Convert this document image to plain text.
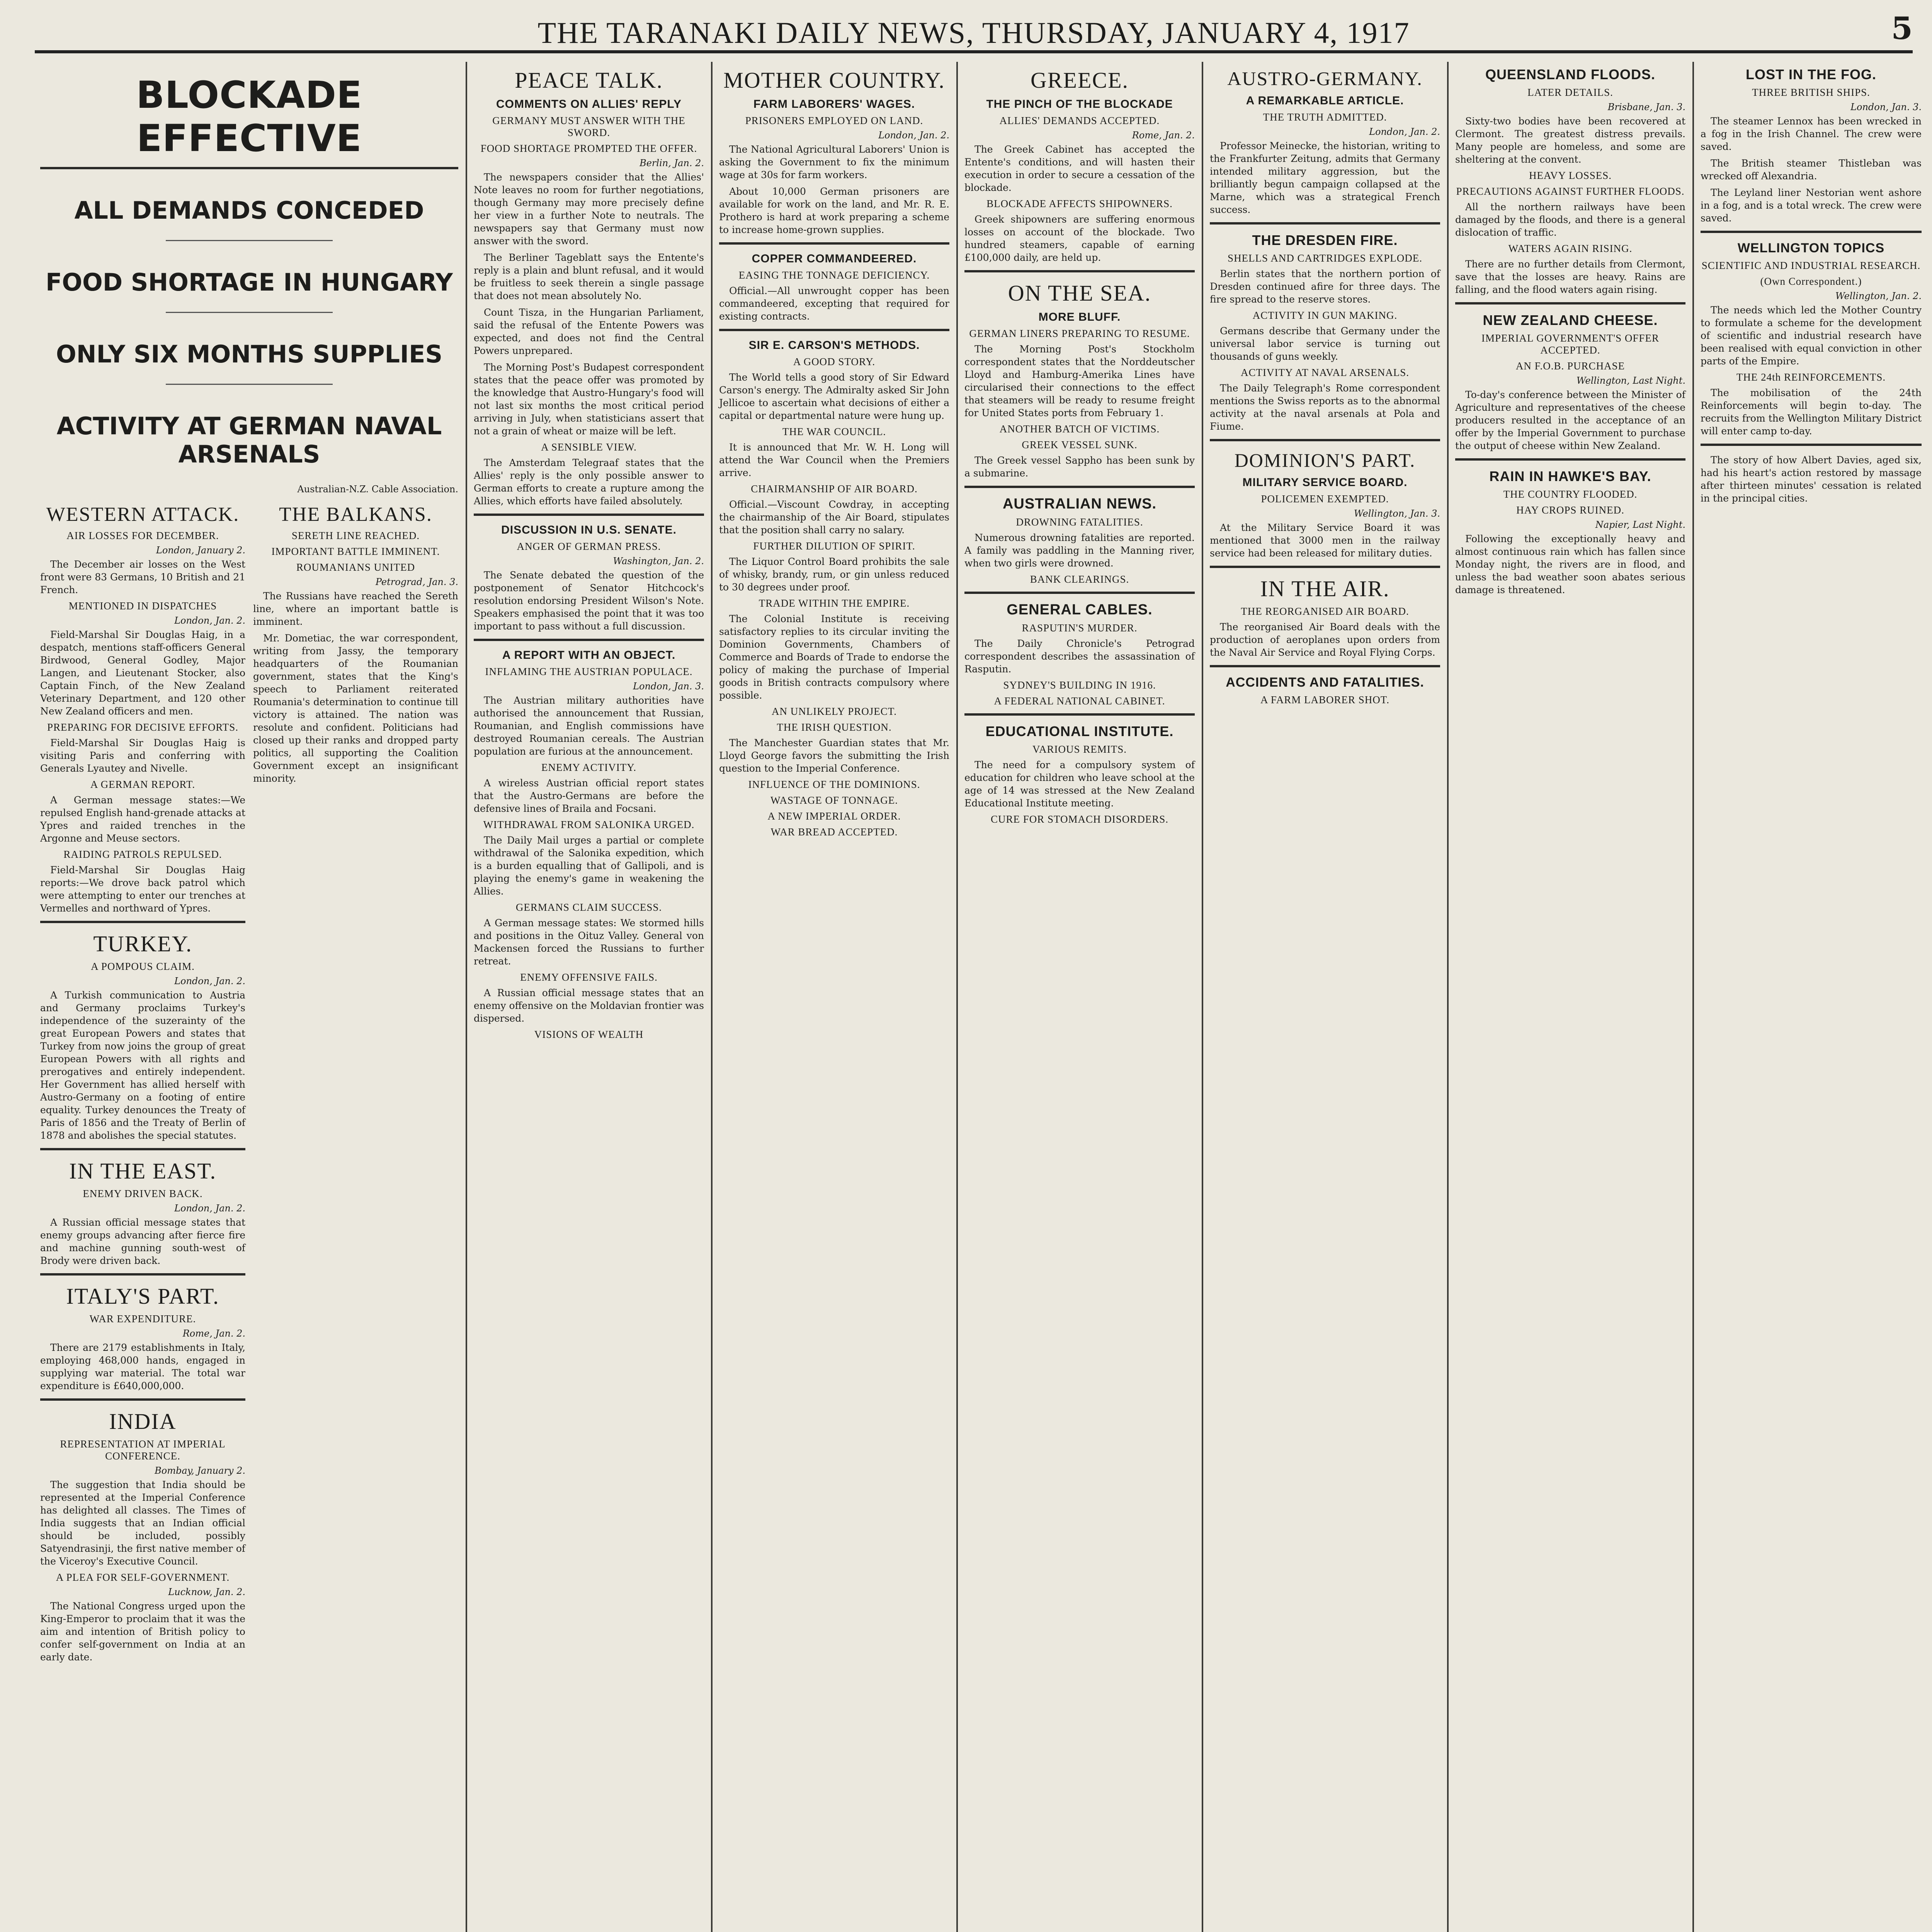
THE TARANAKI DAILY NEWS, THURSDAY, JANUARY 4, 1917	5
BLOCKADE EFFECTIVE
ALL DEMANDS CONCEDED
FOOD SHORTAGE IN HUNGARY
ONLY SIX MONTHS SUPPLIES
ACTIVITY AT GERMAN NAVAL ARSENALS
Australian-N.Z. Cable Association.
WESTERN ATTACK.
AIR LOSSES FOR DECEMBER.
London, January 2.

The December air losses on the West front were 83 Germans, 10 British and 21 French.

MENTIONED IN DISPATCHES
London, Jan. 2.

Field-Marshal Sir Douglas Haig, in a despatch, mentions staff-officers General Birdwood, General Godley, Major Langen, and Lieutenant Stocker, also Captain Finch, of the New Zealand Veterinary Department, and 120 other New Zealand officers and men.

PREPARING FOR DECISIVE EFFORTS.

Field-Marshal Sir Douglas Haig is visiting Paris and conferring with Generals Lyautey and Nivelle.

A GERMAN REPORT.

A German message states:—We repulsed English hand-grenade attacks at Ypres and raided trenches in the Argonne and Meuse sectors.

RAIDING PATROLS REPULSED.

Field-Marshal Sir Douglas Haig reports:—We drove back patrol which were attempting to enter our trenches at Vermelles and northward of Ypres.

TURKEY.
A POMPOUS CLAIM.
London, Jan. 2.

A Turkish communication to Austria and Germany proclaims Turkey's independence of the suzerainty of the great European Powers and states that Turkey from now joins the group of great European Powers with all rights and prerogatives and entirely independent. Her Government has allied herself with Austro-Germany on a footing of entire equality. Turkey denounces the Treaty of Paris of 1856 and the Treaty of Berlin of 1878 and abolishes the special statutes.

IN THE EAST.
ENEMY DRIVEN BACK.
London, Jan. 2.

A Russian official message states that enemy groups advancing after fierce fire and machine gunning south-west of Brody were driven back.

ITALY'S PART.
WAR EXPENDITURE.
Rome, Jan. 2.

There are 2179 establishments in Italy, employing 468,000 hands, engaged in supplying war material. The total war expenditure is £640,000,000.

INDIA
REPRESENTATION AT IMPERIAL CONFERENCE.
Bombay, January 2.

The suggestion that India should be represented at the Imperial Conference has delighted all classes. The Times of India suggests that an Indian official should be included, possibly Satyendrasinji, the first native member of the Viceroy's Executive Council.

A PLEA FOR SELF-GOVERNMENT.
Lucknow, Jan. 2.

The National Congress urged upon the King-Emperor to proclaim that it was the aim and intention of British policy to confer self-government on India at an early date.

THE BALKANS.
SERETH LINE REACHED.
IMPORTANT BATTLE IMMINENT.
ROUMANIANS UNITED
Petrograd, Jan. 3.

The Russians have reached the Sereth line, where an important battle is imminent.

Mr. Dometiac, the war correspondent, writing from Jassy, the temporary headquarters of the Roumanian government, states that the King's speech to Parliament reiterated Roumania's determination to continue till victory is attained. The nation was resolute and confident. Politicians had closed up their ranks and dropped party politics, all supporting the Coalition Government except an insignificant minority.

PEACE TALK.
COMMENTS ON ALLIES' REPLY
GERMANY MUST ANSWER WITH THE SWORD.
FOOD SHORTAGE PROMPTED THE OFFER.
Berlin, Jan. 2.

The newspapers consider that the Allies' Note leaves no room for further negotiations, though Germany may more precisely define her view in a further Note to neutrals. The newspapers say that Germany must now answer with the sword.

The Berliner Tageblatt says the Entente's reply is a plain and blunt refusal, and it would be fruitless to seek therein a single passage that does not mean absolutely No.

Count Tisza, in the Hungarian Parliament, said the refusal of the Entente Powers was expected, and does not find the Central Powers unprepared.

The Morning Post's Budapest correspondent states that the peace offer was promoted by the knowledge that Austro-Hungary's food will not last six months the most critical period arriving in July, when statisticians assert that not a grain of wheat or maize will be left.

A SENSIBLE VIEW.

The Amsterdam Telegraaf states that the Allies' reply is the only possible answer to German efforts to create a rupture among the Allies, which efforts have failed absolutely.

DISCUSSION IN U.S. SENATE.
ANGER OF GERMAN PRESS.
Washington, Jan. 2.

The Senate debated the question of the postponement of Senator Hitchcock's resolution endorsing President Wilson's Note. Speakers emphasised the point that it was too important to pass without a full discussion.

A REPORT WITH AN OBJECT.
INFLAMING THE AUSTRIAN POPULACE.
London, Jan. 3.

The Austrian military authorities have authorised the announcement that Russian, Roumanian, and English commissions have destroyed Roumanian cereals. The Austrian population are furious at the announcement.

ENEMY ACTIVITY.

A wireless Austrian official report states that the Austro-Germans are before the defensive lines of Braila and Focsani.

WITHDRAWAL FROM SALONIKA URGED.

The Daily Mail urges a partial or complete withdrawal of the Salonika expedition, which is a burden equalling that of Gallipoli, and is playing the enemy's game in weakening the Allies.

GERMANS CLAIM SUCCESS.

A German message states: We stormed hills and positions in the Oituz Valley. General von Mackensen forced the Russians to further retreat.

ENEMY OFFENSIVE FAILS.

A Russian official message states that an enemy offensive on the Moldavian frontier was dispersed.

VISIONS OF WEALTH
MOTHER COUNTRY.
FARM LABORERS' WAGES.
PRISONERS EMPLOYED ON LAND.
London, Jan. 2.

The National Agricultural Laborers' Union is asking the Government to fix the minimum wage at 30s for farm workers.

About 10,000 German prisoners are available for work on the land, and Mr. R. E. Prothero is hard at work preparing a scheme to increase home-grown supplies.

COPPER COMMANDEERED.
EASING THE TONNAGE DEFICIENCY.

Official.—All unwrought copper has been commandeered, excepting that required for existing contracts.

SIR E. CARSON'S METHODS.
A GOOD STORY.

The World tells a good story of Sir Edward Carson's energy. The Admiralty asked Sir John Jellicoe to ascertain what decisions of either a capital or departmental nature were hung up.

THE WAR COUNCIL.

It is announced that Mr. W. H. Long will attend the War Council when the Premiers arrive.

CHAIRMANSHIP OF AIR BOARD.

Official.—Viscount Cowdray, in accepting the chairmanship of the Air Board, stipulates that the position shall carry no salary.

FURTHER DILUTION OF SPIRIT.

The Liquor Control Board prohibits the sale of whisky, brandy, rum, or gin unless reduced to 30 degrees under proof.

TRADE WITHIN THE EMPIRE.

The Colonial Institute is receiving satisfactory replies to its circular inviting the Dominion Governments, Chambers of Commerce and Boards of Trade to endorse the policy of making the purchase of Imperial goods in British contracts compulsory where possible.

AN UNLIKELY PROJECT.
THE IRISH QUESTION.

The Manchester Guardian states that Mr. Lloyd George favors the submitting the Irish question to the Imperial Conference.

INFLUENCE OF THE DOMINIONS.
WASTAGE OF TONNAGE.
A NEW IMPERIAL ORDER.
WAR BREAD ACCEPTED.
GREECE.
THE PINCH OF THE BLOCKADE
ALLIES' DEMANDS ACCEPTED.
Rome, Jan. 2.

The Greek Cabinet has accepted the Entente's conditions, and will hasten their execution in order to secure a cessation of the blockade.

BLOCKADE AFFECTS SHIPOWNERS.

Greek shipowners are suffering enormous losses on account of the blockade. Two hundred steamers, capable of earning £100,000 daily, are held up.

ON THE SEA.
MORE BLUFF.
GERMAN LINERS PREPARING TO RESUME.

The Morning Post's Stockholm correspondent states that the Norddeutscher Lloyd and Hamburg-Amerika Lines have circularised their connections to the effect that steamers will be ready to resume freight for United States ports from February 1.

ANOTHER BATCH OF VICTIMS.
GREEK VESSEL SUNK.

The Greek vessel Sappho has been sunk by a submarine.

AUSTRALIAN NEWS.
DROWNING FATALITIES.

Numerous drowning fatalities are reported. A family was paddling in the Manning river, when two girls were drowned.

BANK CLEARINGS.
GENERAL CABLES.
RASPUTIN'S MURDER.

The Daily Chronicle's Petrograd correspondent describes the assassination of Rasputin.

SYDNEY'S BUILDING IN 1916.
A FEDERAL NATIONAL CABINET.
EDUCATIONAL INSTITUTE.
VARIOUS REMITS.

The need for a compulsory system of education for children who leave school at the age of 14 was stressed at the New Zealand Educational Institute meeting.

CURE FOR STOMACH DISORDERS.
AUSTRO-GERMANY.
A REMARKABLE ARTICLE.
THE TRUTH ADMITTED.
London, Jan. 2.

Professor Meinecke, the historian, writing to the Frankfurter Zeitung, admits that Germany intended military aggression, but the brilliantly begun campaign collapsed at the Marne, which was a strategical French success.

THE DRESDEN FIRE.
SHELLS AND CARTRIDGES EXPLODE.

Berlin states that the northern portion of Dresden continued afire for three days. The fire spread to the reserve stores.

ACTIVITY IN GUN MAKING.

Germans describe that Germany under the universal labor service is turning out thousands of guns weekly.

ACTIVITY AT NAVAL ARSENALS.

The Daily Telegraph's Rome correspondent mentions the Swiss reports as to the abnormal activity at the naval arsenals at Pola and Fiume.

DOMINION'S PART.
MILITARY SERVICE BOARD.
POLICEMEN EXEMPTED.
Wellington, Jan. 3.

At the Military Service Board it was mentioned that 3000 men in the railway service had been released for military duties.

IN THE AIR.
THE REORGANISED AIR BOARD.

The reorganised Air Board deals with the production of aeroplanes upon orders from the Naval Air Service and Royal Flying Corps.

ACCIDENTS AND FATALITIES.
A FARM LABORER SHOT.
QUEENSLAND FLOODS.
LATER DETAILS.
Brisbane, Jan. 3.

Sixty-two bodies have been recovered at Clermont. The greatest distress prevails. Many people are homeless, and some are sheltering at the convent.

HEAVY LOSSES.
PRECAUTIONS AGAINST FURTHER FLOODS.

All the northern railways have been damaged by the floods, and there is a general dislocation of traffic.

WATERS AGAIN RISING.

There are no further details from Clermont, save that the losses are heavy. Rains are falling, and the flood waters again rising.

NEW ZEALAND CHEESE.
IMPERIAL GOVERNMENT'S OFFER ACCEPTED.
AN F.O.B. PURCHASE
Wellington, Last Night.

To-day's conference between the Minister of Agriculture and representatives of the cheese producers resulted in the acceptance of an offer by the Imperial Government to purchase the output of cheese within New Zealand.

RAIN IN HAWKE'S BAY.
THE COUNTRY FLOODED.
HAY CROPS RUINED.
Napier, Last Night.

Following the exceptionally heavy and almost continuous rain which has fallen since Monday night, the rivers are in flood, and unless the bad weather soon abates serious damage is threatened.

LOST IN THE FOG.
THREE BRITISH SHIPS.
London, Jan. 3.

The steamer Lennox has been wrecked in a fog in the Irish Channel. The crew were saved.

The British steamer Thistleban was wrecked off Alexandria.

The Leyland liner Nestorian went ashore in a fog, and is a total wreck. The crew were saved.

WELLINGTON TOPICS
SCIENTIFIC AND INDUSTRIAL RESEARCH.
(Own Correspondent.)
Wellington, Jan. 2.

The needs which led the Mother Country to formulate a scheme for the development of scientific and industrial research have been realised with equal conviction in other parts of the Empire.

THE 24th REINFORCEMENTS.

The mobilisation of the 24th Reinforcements will begin to-day. The recruits from the Wellington Military District will enter camp to-day.

The story of how Albert Davies, aged six, had his heart's action restored by massage after thirteen minutes' cessation is related in the principal cities.
